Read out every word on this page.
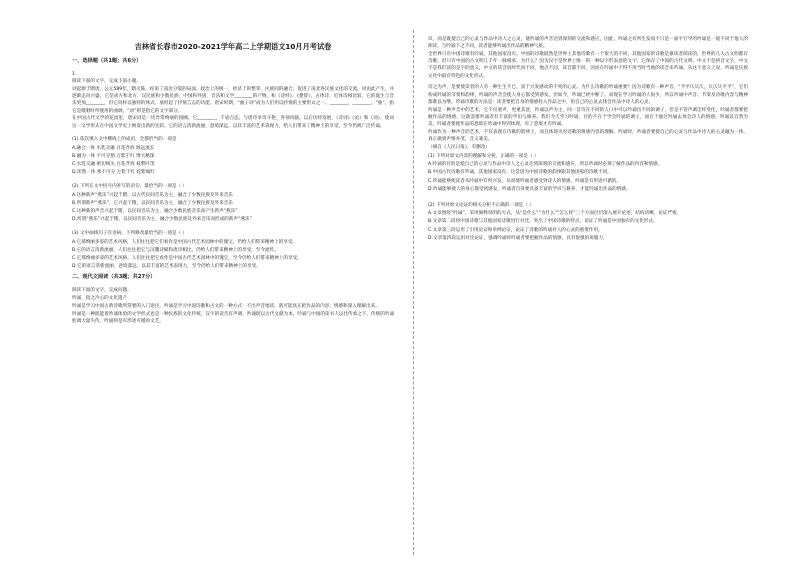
吉林省长春市2020-2021学年高二上学期语文10月月考试卷
一、选择题（共1题；共6分）
1

阅读下面的文字，完成下面小题。

词起源于隋唐。公元589年，隋灭陈，结束了南北分裂的局面。政治上的统一，经济上的繁荣，民族间的融合，促进了南北各民族文化的交流，词由此产生，并逐渐走向兴盛。它是南方和北方，汉民族和少数民族，中国和外国，音乐和文学________的产物。和《诗经》、《楚辞》、古体诗、近体诗相比较，它的诞生与音乐更加________，但它同样以独特的体式，承担起了抒情言志的功能。唐宋时期，“曲子词”成为人们用以抒情的主要形式之一。________，________。“曲”，指它是歌唱时所使用的曲调，“词”则是指它的文字部分。

在中国古代文学的花园里，唐宋词是一块异常绚丽的园圃。它________，千姿百态，与唐诗争奇斗艳，各领风骚。以后历经发展，《诗词》《论》和《词》，使词这一文学形式在中国文学史上焕发出新的光彩。它的语言清新流丽，意境深远，以其丰富的艺术表现力，给人们带来了精神上的享受，至今仍被广泛传诵。

(1) 依次填入文中横线上的成语，全都恰当的一项是
A.融合一体 水乳交融 百花齐放 源远流长
B.融为一体 不可分割 万紫千红 博大精深
C.水乳交融 密切相关 百花齐放 枝繁叶茂
D.浑然一体 密不可分 万紫千红 姹紫嫣红
(2) 下列在文中括号内补写的语句，最恰当的一项是（ ）
A.这种新声“燕乐”兴起于隋，以古代民间音乐为主，融合了少数民族及外来音乐
B.所谓新声“燕乐”，它兴起于隋，以民间音乐为主，融合了少数民族及外来音乐
C.这种新的声音兴起于隋，以民间音乐为主，融合少数民族音乐而产生新声“燕乐”
D.所谓“燕乐”兴起于隋，以民间音乐为主，融合少数民族及外来音乐而形成的新声“燕乐”
(3) 文中画线句子有语病，下列修改最恰当的一项是（ ）
A.它那绚丽多姿的艺术风格，人们往往把它们看作是中国古代艺术园林中的瑰宝，仍给人们带来精神上的享受。
B.它的语言清新流丽，人们往往把它与汉魏诗赋和唐诗相比，仍给人们带来精神上的享受，至今流传。
C.它那绚丽多姿的艺术风格，人们往往把它看作是中国古代艺术园林中的瑰宝，至今仍给人们带来精神上的享受。
D.它的语言清新流丽，意境深远，以其丰富的艺术表现力，至今仍给人们带来精神上的享受。
二、现代文阅读（共3题；共27分）

阅读下面的文字，完成问题。

吟诵，指之冷心的文化遗产

吟诵是学习中国古典诗歌所常要的入门途径。吟诵是学习中国诗歌和古文的一种方式：不出声音地读，就可能真正把作品的内容、情感和深入理解出来。

吟诵是一种既能着吟诵体验的文学形式也是一种民族的文化传统，汉字的读音有声调，吟诵既以古代文献为本，吟诵与中国的读书人以往传承之下，传统的吟诵腔调大量失传。吟诵则是有形迹可循的文艺。

识，而是既使自己的心灵与作品中诗人之心灵，使吟诵的声音达到深刻的交流和感应。因此，吟诵之有所生发而不只是一面平行导的吟诵是一般不同于他人的朗读，与吟诵下之不同，读者能够吟诵出作品的精神气质。

全世界只有中国诗歌有吟诵，其他国家没有。中国的诗歌既然是世界上其他诗歌有一个很大的不同，其他国家的诗歌是靠读者阅读的，世界的几大古文明都有诗歌，但只有中国的古文明几千年一脉相承。为什么？因为汉字是世界上唯一的一种以字形表意的文字，它保存了中国的古代文明。中文不是拼音文字，中文不是我们读的是字的意义，中文的读音因时代而不同，地点不同，读音都不同，因而在吟诵中不得不用当时当地的读音来吟诵。从这个意义上说，吟诵是民族文化中最有特色的文化形式。

诗之为声，是要使读者的人有一种生生不已，富于兴发感动的不死的心灵。为什么诗歌的吟诵重要？因为诗歌有一种声音，“平平仄仄仄，仄仄仄平平”，它们构成吟诵的节奏和韵律，吟诵的声音会使人身心都受到感发。但如今，吟诵已经中断了。而现在学习吟诵的人很少，所以吟诵中声音、节奏及诗歌内容与精神都难以为继。吟诵诗歌的方法是：读者要把自身的情感投入作品之中，用自己的心灵去体会作品中诗人的心灵。

吟诵是一种声音中的艺术，它不仅重声，更重其意，吟诵以声为主，同一首诗在不同的人口中可以吟诵出不同的调子，但是不管声调怎样变化，吟诵者都要把握作品的情感，这就需要吟诵者有丰富的学识与修养。我们今天学习吟诵，目的不在于学会吟诵的调子，而在于通过吟诵去体会诗人的情感。吟诵以自然为美，吟诵者要使作品的意境在吟诵中得到体现，有了意境才有吟诵。

吟诵作为一种声音的艺术，不仅表现在诗歌的韵律上，而且体现为对诗歌的情感内容的理解。吟诵时，吟诵者要使自己的心灵与作品中诗人的心灵融为一体，真正做到声情并茂，音义兼美。

（摘自《人民日报》，有删改）

(1) 下列对原文内容的理解和分析，正确的一项是（ ）
A.吟诵的目的是使自己的心灵与作品中诗人之心灵达到深刻的交流和感应，所以吟诵时必须了解作品的内容和情感。
B.中国古代诗歌有吟诵，其他国家没有，这是因为中国诗歌的韵律跟其他国家的诗歌不同。
C.吟诵能够使读者从吟诵中有所兴发，从而使吟诵者感受到诗人的情感，吟诵是有形迹可循的。
D.吟诵能够使人的身心都受到感发，吟诵者自身要具备丰富的学识与修养，才能吟诵出作品的情感。
(2) 下列对原文论证的相关分析不正确的一项是（ ）
A.文章围绕“吟诵”，采用阐释说明的方式，从“是什么”“为什么”“怎么样”三个方面层层深入展开论述，结构清晰，论证严密。
B.文章第二段将中国诗歌与其他国家诗歌进行对比，突出了中国诗歌的特点，论证了吟诵是中国独有的文化形式。
C.文章第三段运用了引用论证和举例论证，论证了诗歌的吟诵对人的心灵的重要作用。
D.文章第四段运用对比论证，强调吟诵时吟诵者要把握作品的情感，具有很强的说服力。
